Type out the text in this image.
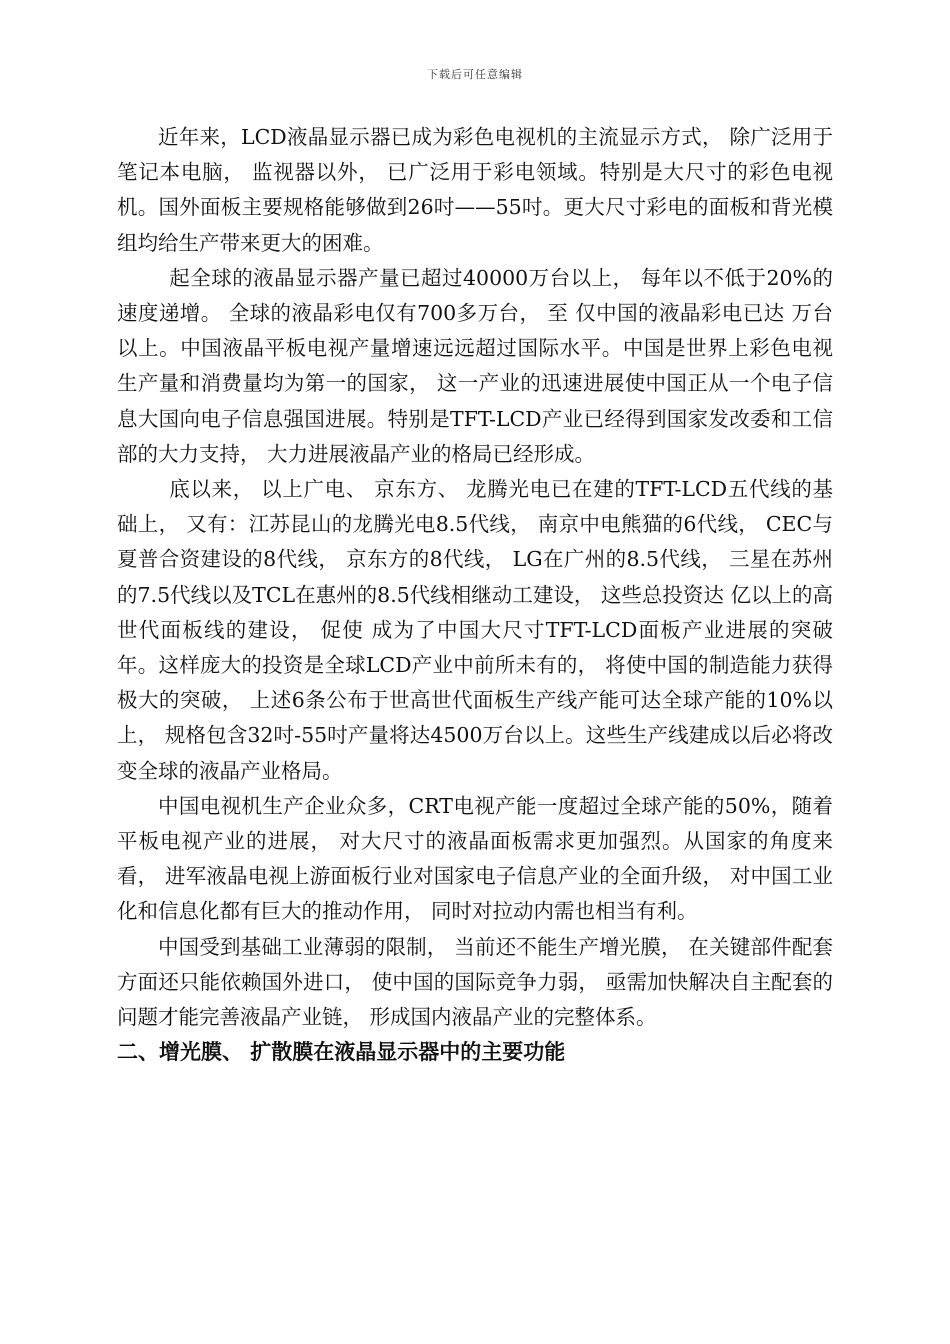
下载后可任意编辑

近年来，LCD液晶显示器已成为彩色电视机的主流显示方式， 除广泛用于笔记本电脑， 监视器以外， 已广泛用于彩电领域。特别是大尺寸的彩色电视机。国外面板主要规格能够做到26吋——55吋。更大尺寸彩电的面板和背光模组均给生产带来更大的困难。

起全球的液晶显示器产量已超过40000万台以上， 每年以不低于20%的速度递增。 全球的液晶彩电仅有700多万台， 至 仅中国的液晶彩电已达 万台以上。中国液晶平板电视产量增速远远超过国际水平。中国是世界上彩色电视生产量和消费量均为第一的国家， 这一产业的迅速进展使中国正从一个电子信息大国向电子信息强国进展。特别是TFT-LCD产业已经得到国家发改委和工信部的大力支持， 大力进展液晶产业的格局已经形成。

底以来， 以上广电、 京东方、 龙腾光电已在建的TFT-LCD五代线的基础上， 又有：江苏昆山的龙腾光电8.5代线， 南京中电熊猫的6代线， CEC与夏普合资建设的8代线， 京东方的8代线， LG在广州的8.5代线， 三星在苏州的7.5代线以及TCL在惠州的8.5代线相继动工建设， 这些总投资达 亿以上的高世代面板线的建设， 促使 成为了中国大尺寸TFT-LCD面板产业进展的突破年。这样庞大的投资是全球LCD产业中前所未有的， 将使中国的制造能力获得极大的突破， 上述6条公布于世高世代面板生产线产能可达全球产能的10%以上， 规格包含32吋-55吋产量将达4500万台以上。这些生产线建成以后必将改变全球的液晶产业格局。

中国电视机生产企业众多，CRT电视产能一度超过全球产能的50%，随着平板电视产业的进展， 对大尺寸的液晶面板需求更加强烈。从国家的角度来看， 进军液晶电视上游面板行业对国家电子信息产业的全面升级， 对中国工业化和信息化都有巨大的推动作用， 同时对拉动内需也相当有利。

中国受到基础工业薄弱的限制， 当前还不能生产增光膜， 在关键部件配套方面还只能依赖国外进口， 使中国的国际竞争力弱， 亟需加快解决自主配套的问题才能完善液晶产业链， 形成国内液晶产业的完整体系。

二、增光膜、 扩散膜在液晶显示器中的主要功能
